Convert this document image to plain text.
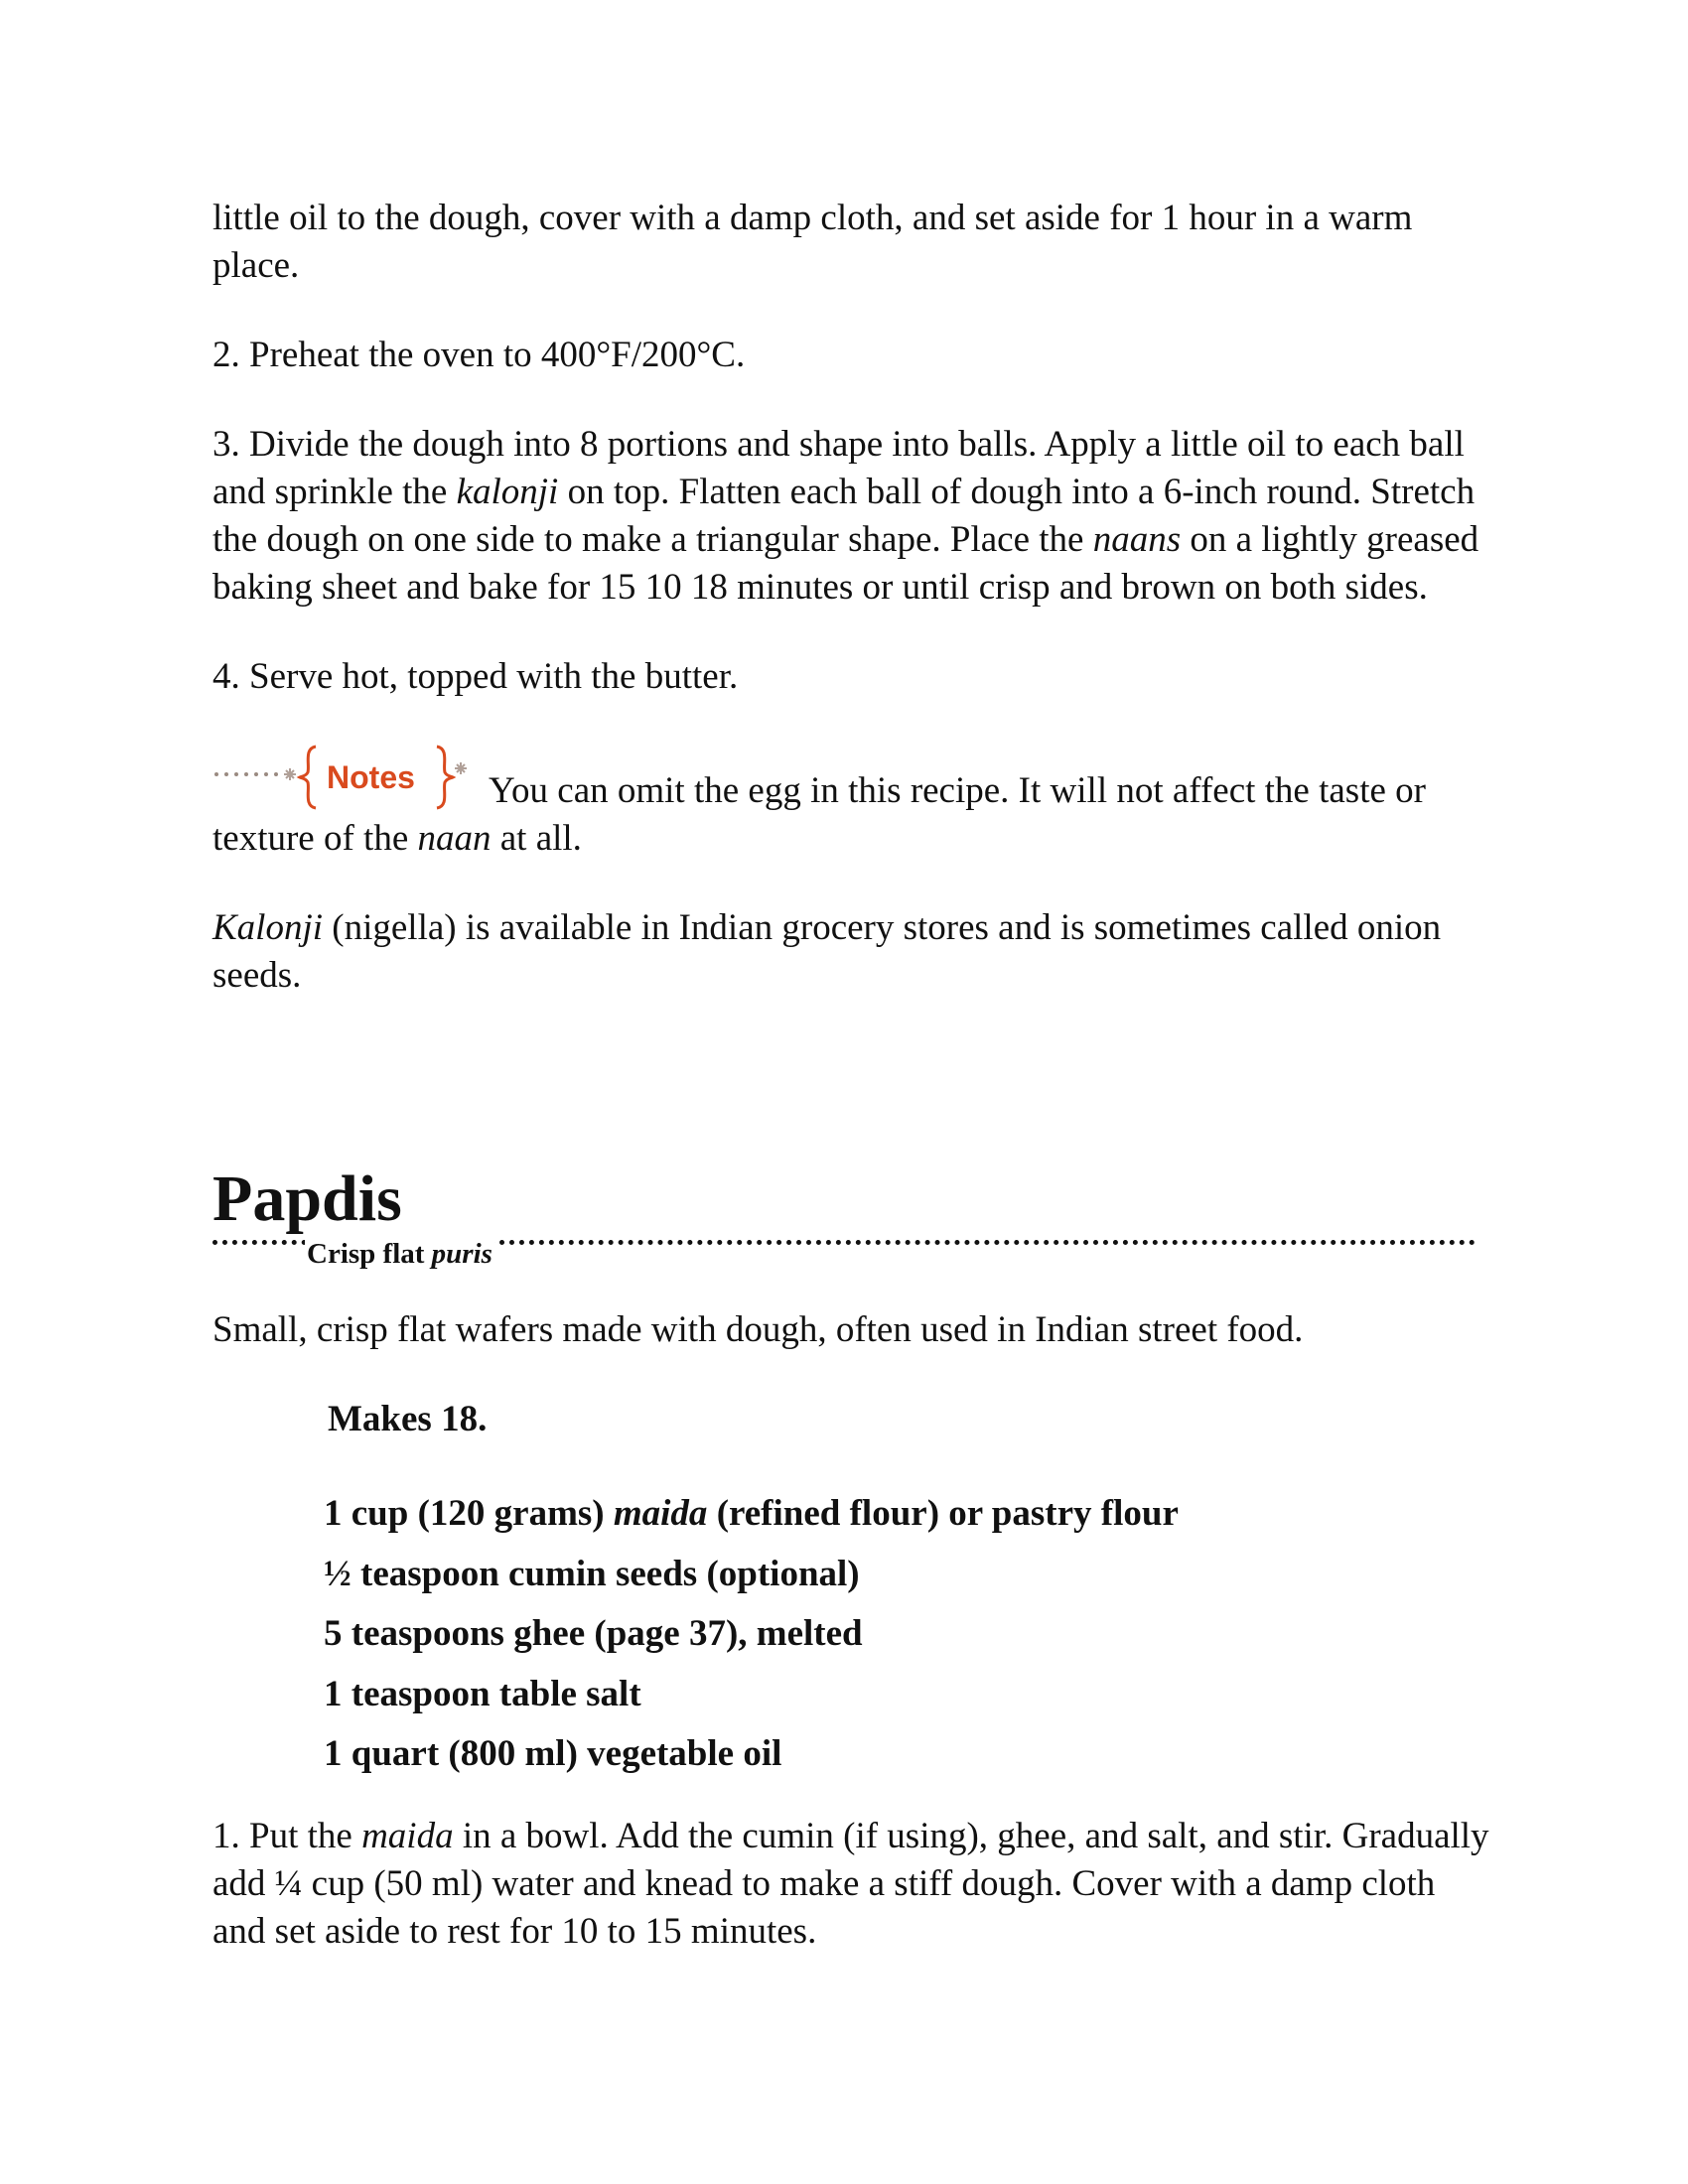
little oil to the dough, cover with a damp cloth, and set aside for 1 hour in a warm place.

2. Preheat the oven to 400°F/200°C.

3. Divide the dough into 8 portions and shape into balls. Apply a little oil to each ball and sprinkle the kalonji on top. Flatten each ball of dough into a 6-inch round. Stretch the dough on one side to make a triangular shape. Place the naans on a lightly greased baking sheet and bake for 15 10 18 minutes or until crisp and brown on both sides.

4. Serve hot, topped with the butter.

Notes You can omit the egg in this recipe. It will not affect the taste or texture of the naan at all.

Kalonji (nigella) is available in Indian grocery stores and is sometimes called onion seeds.

Papdis
Crisp flat puris

Small, crisp flat wafers made with dough, often used in Indian street food.

Makes 18.

1 cup (120 grams) maida (refined flour) or pastry flour
½ teaspoon cumin seeds (optional)
5 teaspoons ghee (page 37), melted
1 teaspoon table salt
1 quart (800 ml) vegetable oil

1. Put the maida in a bowl. Add the cumin (if using), ghee, and salt, and stir. Gradually add ¼ cup (50 ml) water and knead to make a stiff dough. Cover with a damp cloth and set aside to rest for 10 to 15 minutes.
